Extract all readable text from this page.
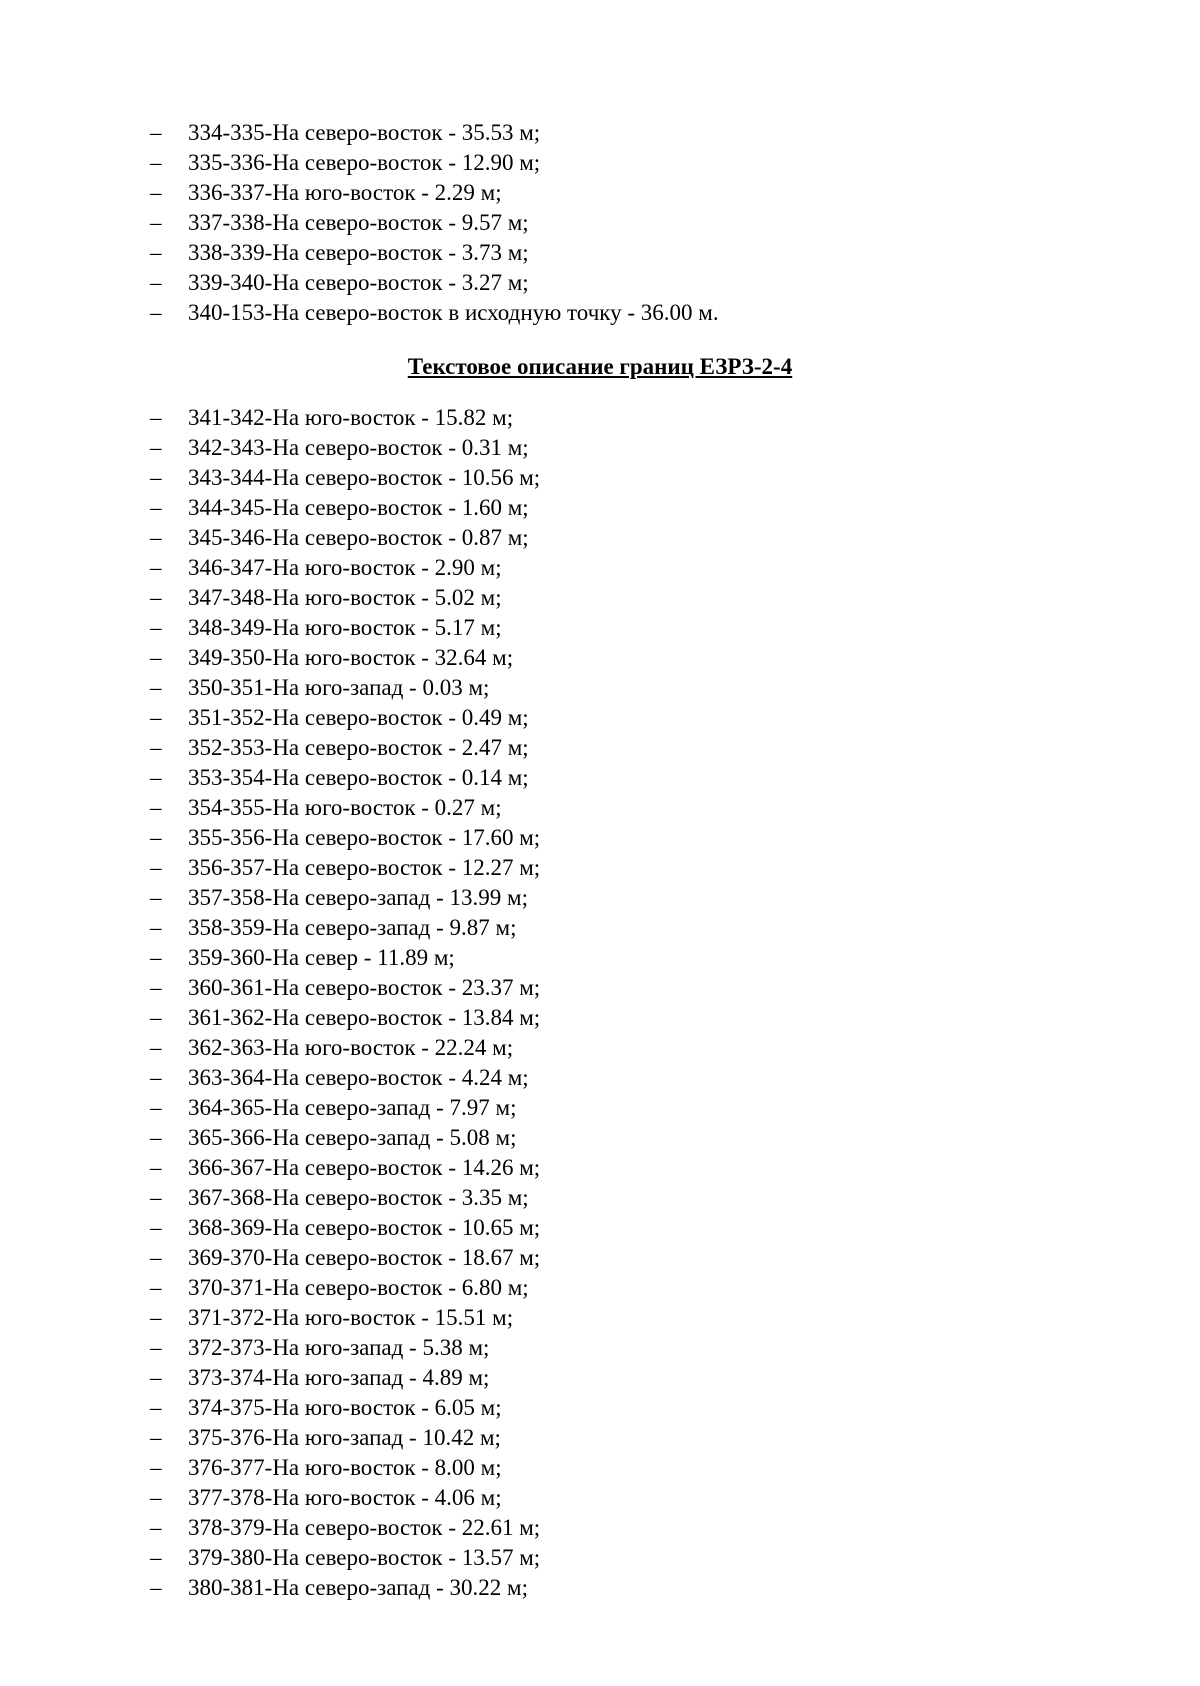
– 334-335-На северо-восток - 35.53 м;
– 335-336-На северо-восток - 12.90 м;
– 336-337-На юго-восток - 2.29 м;
– 337-338-На северо-восток - 9.57 м;
– 338-339-На северо-восток - 3.73 м;
– 339-340-На северо-восток - 3.27 м;
– 340-153-На северо-восток в исходную точку - 36.00 м.
Текстовое описание границ ЕЗРЗ-2-4
– 341-342-На юго-восток - 15.82 м;
– 342-343-На северо-восток - 0.31 м;
– 343-344-На северо-восток - 10.56 м;
– 344-345-На северо-восток - 1.60 м;
– 345-346-На северо-восток - 0.87 м;
– 346-347-На юго-восток - 2.90 м;
– 347-348-На юго-восток - 5.02 м;
– 348-349-На юго-восток - 5.17 м;
– 349-350-На юго-восток - 32.64 м;
– 350-351-На юго-запад - 0.03 м;
– 351-352-На северо-восток - 0.49 м;
– 352-353-На северо-восток - 2.47 м;
– 353-354-На северо-восток - 0.14 м;
– 354-355-На юго-восток - 0.27 м;
– 355-356-На северо-восток - 17.60 м;
– 356-357-На северо-восток - 12.27 м;
– 357-358-На северо-запад - 13.99 м;
– 358-359-На северо-запад - 9.87 м;
– 359-360-На север - 11.89 м;
– 360-361-На северо-восток - 23.37 м;
– 361-362-На северо-восток - 13.84 м;
– 362-363-На юго-восток - 22.24 м;
– 363-364-На северо-восток - 4.24 м;
– 364-365-На северо-запад - 7.97 м;
– 365-366-На северо-запад - 5.08 м;
– 366-367-На северо-восток - 14.26 м;
– 367-368-На северо-восток - 3.35 м;
– 368-369-На северо-восток - 10.65 м;
– 369-370-На северо-восток - 18.67 м;
– 370-371-На северо-восток - 6.80 м;
– 371-372-На юго-восток - 15.51 м;
– 372-373-На юго-запад - 5.38 м;
– 373-374-На юго-запад - 4.89 м;
– 374-375-На юго-восток - 6.05 м;
– 375-376-На юго-запад - 10.42 м;
– 376-377-На юго-восток - 8.00 м;
– 377-378-На юго-восток - 4.06 м;
– 378-379-На северо-восток - 22.61 м;
– 379-380-На северо-восток - 13.57 м;
– 380-381-На северо-запад - 30.22 м;
